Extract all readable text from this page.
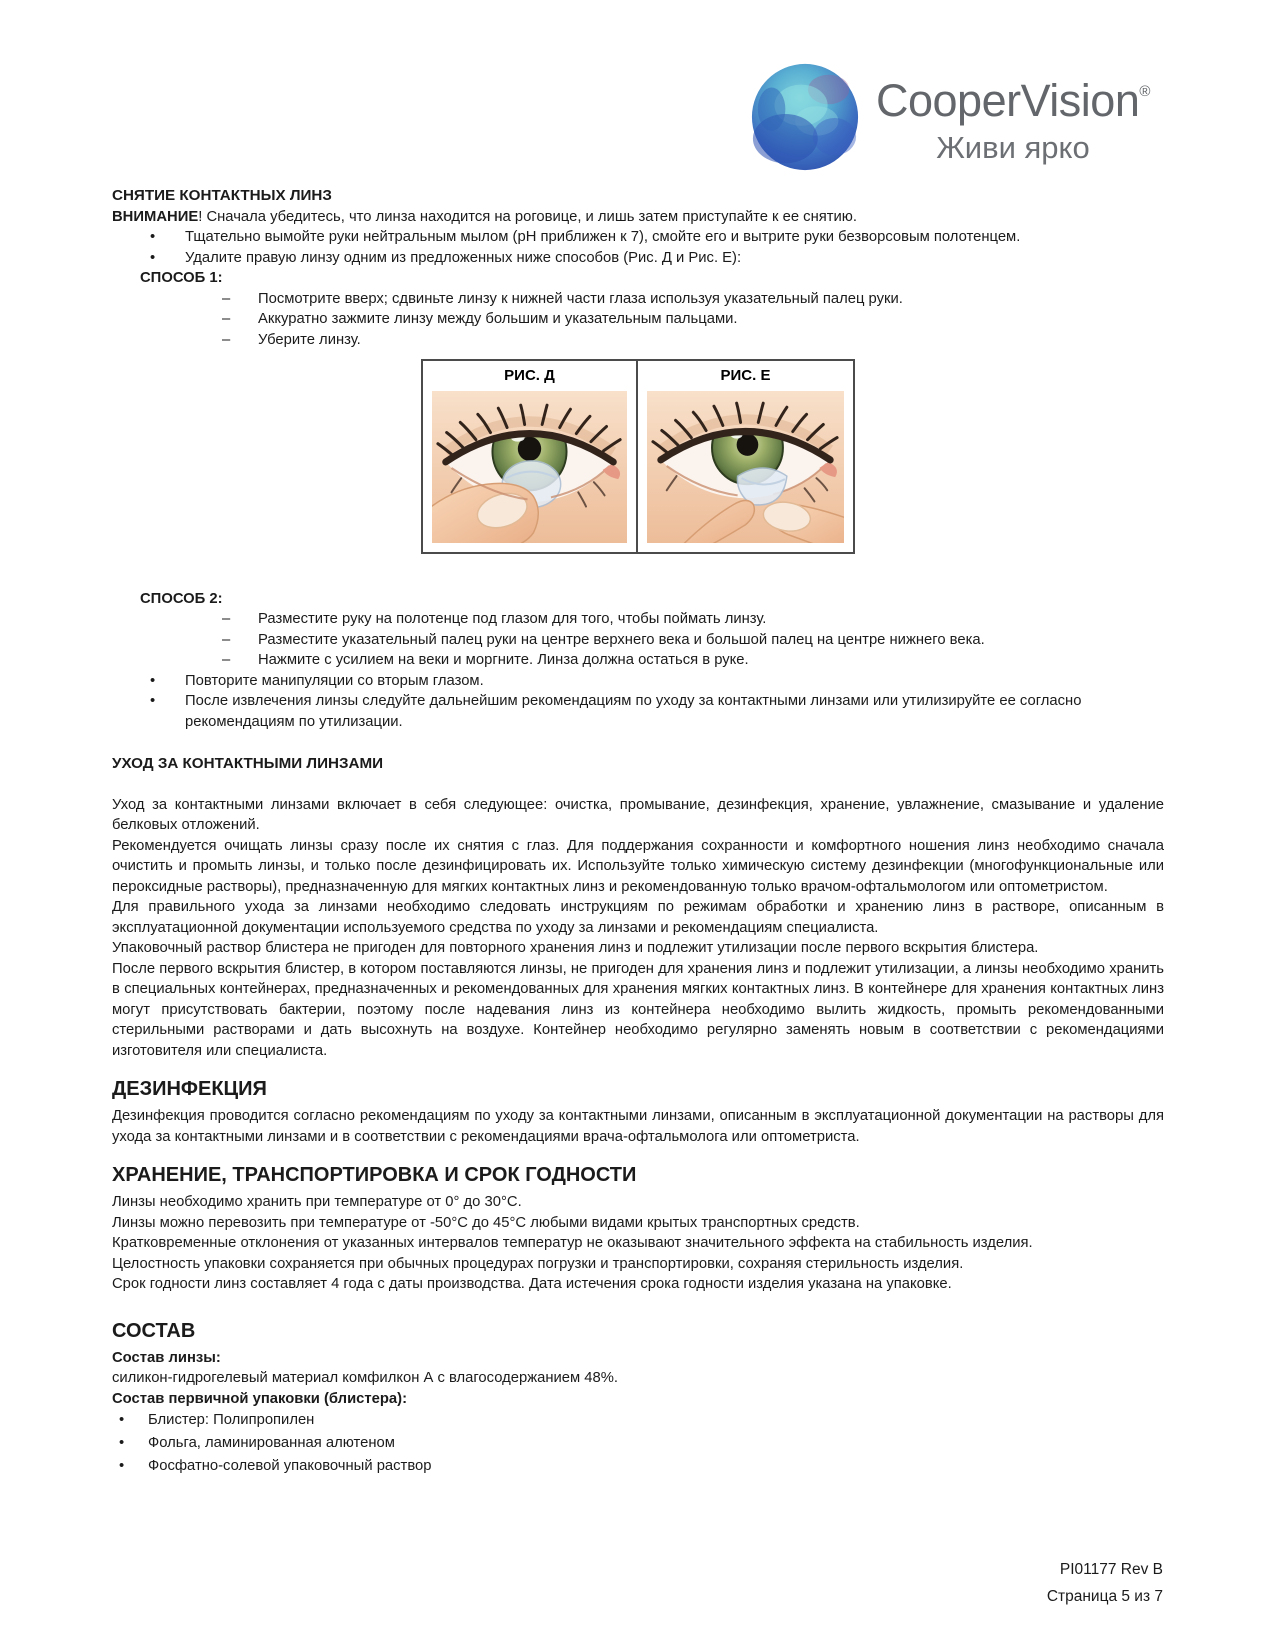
CooperVision®
Живи ярко

СНЯТИЕ КОНТАКТНЫХ ЛИНЗ

ВНИМАНИЕ! Сначала убедитесь, что линза находится на роговице, и лишь затем приступайте к ее снятию.

•
Тщательно вымойте руки нейтральным мылом (pH приближен к 7), смойте его и вытрите руки безворсовым полотенцем.
•
Удалите правую линзу одним из предложенных ниже способов (Рис. Д и Рис. Е):

СПОСОБ 1:

–
Посмотрите вверх; сдвиньте линзу к нижней части глаза используя указательный палец руки.
–
Аккуратно зажмите линзу между большим и указательным пальцами.
–
Уберите линзу.
РИС. Д	РИС. Е

СПОСОБ 2:

–
Разместите руку на полотенце под глазом для того, чтобы поймать линзу.
–
Разместите указательный палец руки на центре верхнего века и большой палец на центре нижнего века.
–
Нажмите с усилием на веки и моргните. Линза должна остаться в руке.
•
Повторите манипуляции со вторым глазом.
•
После извлечения линзы следуйте дальнейшим рекомендациям по уходу за контактными линзами или утилизируйте ее согласно рекомендациям по утилизации.

УХОД ЗА КОНТАКТНЫМИ ЛИНЗАМИ

Уход за контактными линзами включает в себя следующее: очистка, промывание, дезинфекция, хранение, увлажнение, смазывание и удаление белковых отложений.

Рекомендуется очищать линзы сразу после их снятия с глаз. Для поддержания сохранности и комфортного ношения линз необходимо сначала очистить и промыть линзы, и только после дезинфицировать их. Используйте только химическую систему дезинфекции (многофункциональные или пероксидные растворы), предназначенную для мягких контактных линз и рекомендованную только врачом-офтальмологом или оптометристом.

Для правильного ухода за линзами необходимо следовать инструкциям по режимам обработки и хранению линз в растворе, описанным в эксплуатационной документации используемого средства по уходу за линзами и рекомендациям специалиста.

Упаковочный раствор блистера не пригоден для повторного хранения линз и подлежит утилизации после первого вскрытия блистера.

После первого вскрытия блистер, в котором поставляются линзы, не пригоден для хранения линз и подлежит утилизации, а линзы необходимо хранить в специальных контейнерах, предназначенных и рекомендованных для хранения мягких контактных линз. В контейнере для хранения контактных линз могут присутствовать бактерии, поэтому после надевания линз из контейнера необходимо вылить жидкость, промыть рекомендованными стерильными растворами и дать высохнуть на воздухе. Контейнер необходимо регулярно заменять новым в соответствии с рекомендациями изготовителя или специалиста.

ДЕЗИНФЕКЦИЯ

Дезинфекция проводится согласно рекомендациям по уходу за контактными линзами, описанным в эксплуатационной документации на растворы для ухода за контактными линзами и в соответствии с рекомендациями врача-офтальмолога или оптометриста.

ХРАНЕНИЕ, ТРАНСПОРТИРОВКА И СРОК ГОДНОСТИ

Линзы необходимо хранить при температуре от 0° до 30°С.

Линзы можно перевозить при температуре от -50°С до 45°С любыми видами крытых транспортных средств.

Кратковременные отклонения от указанных интервалов температур не оказывают значительного эффекта на стабильность изделия.

Целостность упаковки сохраняется при обычных процедурах погрузки и транспортировки, сохраняя стерильность изделия.

Срок годности линз составляет 4 года с даты производства. Дата истечения срока годности изделия указана на упаковке.

СОСТАВ

Состав линзы:

силикон-гидрогелевый материал комфилкон А с влагосодержанием 48%.

Состав первичной упаковки (блистера):

•
Блистер: Полипропилен
•
Фольга, ламинированная алютеном
•
Фосфатно-солевой упаковочный раствор
PI01177 Rev B
Страница 5 из 7
